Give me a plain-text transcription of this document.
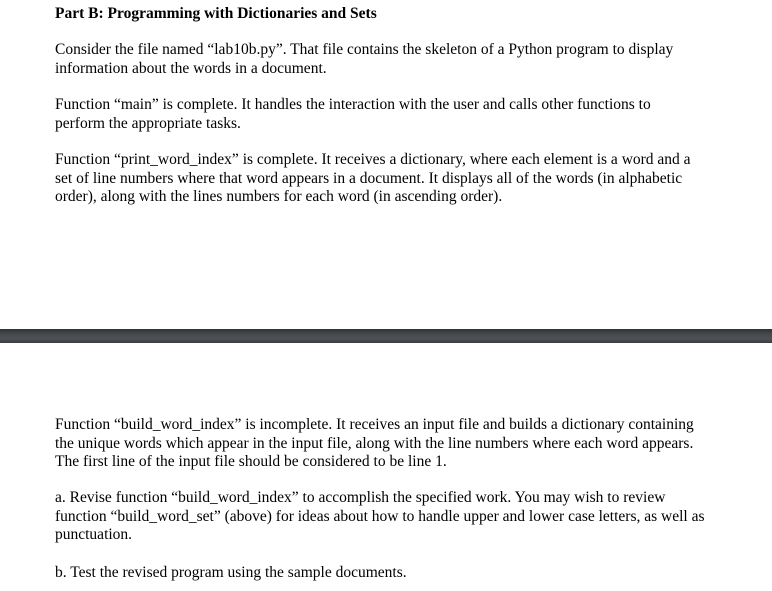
Part B: Programming with Dictionaries and Sets

Consider the file named “lab10b.py”. That file contains the skeleton of a Python program to display
information about the words in a document.

Function “main” is complete. It handles the interaction with the user and calls other functions to
perform the appropriate tasks.

Function “print_word_index” is complete. It receives a dictionary, where each element is a word and a
set of line numbers where that word appears in a document. It displays all of the words (in alphabetic
order), along with the lines numbers for each word (in ascending order).

Function “build_word_index” is incomplete. It receives an input file and builds a dictionary containing
the unique words which appear in the input file, along with the line numbers where each word appears.
The first line of the input file should be considered to be line 1.

a. Revise function “build_word_index” to accomplish the specified work. You may wish to review
function “build_word_set” (above) for ideas about how to handle upper and lower case letters, as well as
punctuation.

b. Test the revised program using the sample documents.
